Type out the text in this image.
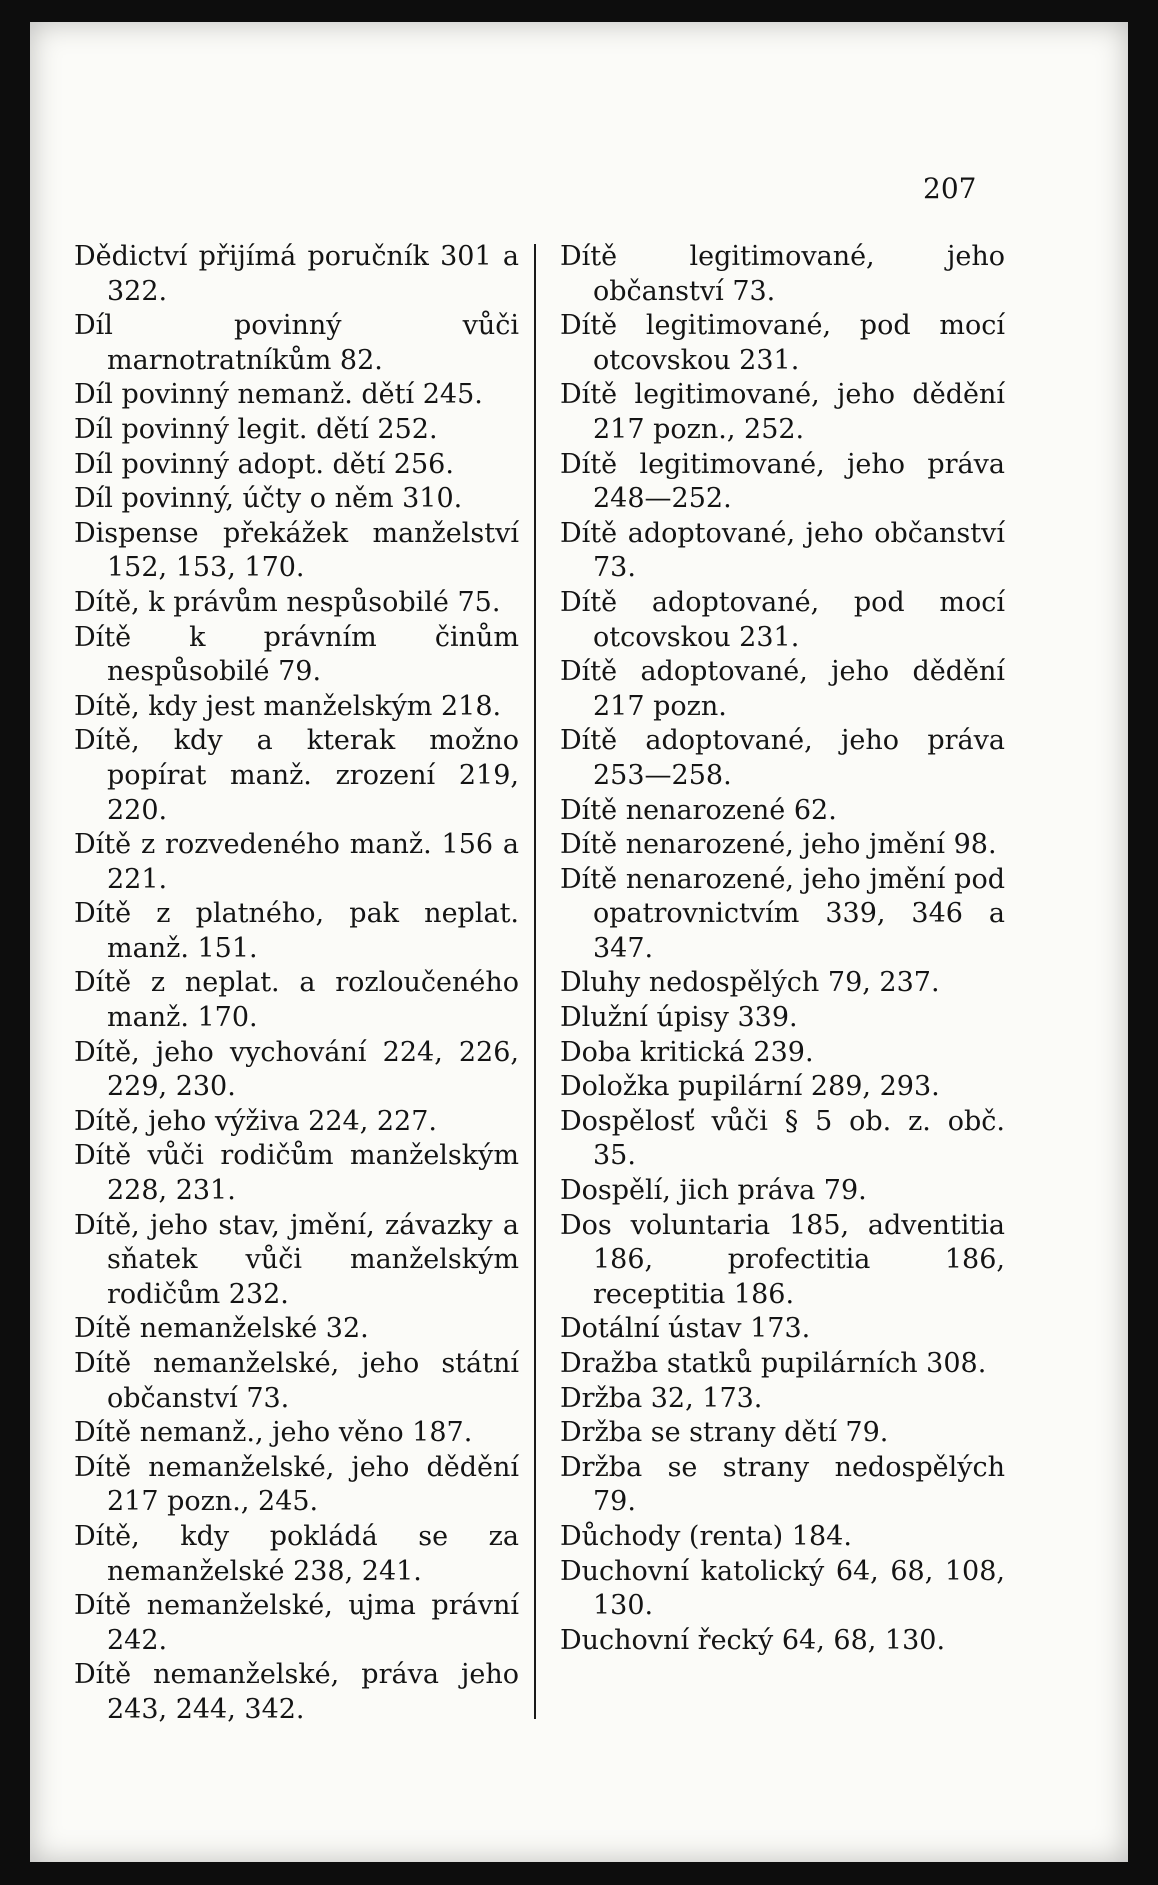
207

Dědictví přijímá poručník 301 a 322.

Díl povinný vůči marnotratníkům 82.

Díl povinný nemanž. dětí 245.

Díl povinný legit. dětí 252.

Díl povinný adopt. dětí 256.

Díl povinný, účty o něm 310.

Dispense překážek manželství 152, 153, 170.

Dítě, k právům nespůsobilé 75.

Dítě k právním činům nespůsobilé 79.

Dítě, kdy jest manželským 218.

Dítě, kdy a kterak možno popírat manž. zrození 219, 220.

Dítě z rozvedeného manž. 156 a 221.

Dítě z platného, pak neplat. manž. 151.

Dítě z neplat. a rozloučeného manž. 170.

Dítě, jeho vychování 224, 226, 229, 230.

Dítě, jeho výživa 224, 227.

Dítě vůči rodičům manželským 228, 231.

Dítě, jeho stav, jmění, závazky a sňatek vůči manželským rodičům 232.

Dítě nemanželské 32.

Dítě nemanželské, jeho státní občanství 73.

Dítě nemanž., jeho věno 187.

Dítě nemanželské, jeho dědění 217 pozn., 245.

Dítě, kdy pokládá se za nemanželské 238, 241.

Dítě nemanželské, ujma právní 242.

Dítě nemanželské, práva jeho 243, 244, 342.

Dítě legitimované, jeho občanství 73.

Dítě legitimované, pod mocí otcovskou 231.

Dítě legitimované, jeho dědění 217 pozn., 252.

Dítě legitimované, jeho práva 248—252.

Dítě adoptované, jeho občanství 73.

Dítě adoptované, pod mocí otcovskou 231.

Dítě adoptované, jeho dědění 217 pozn.

Dítě adoptované, jeho práva 253—258.

Dítě nenarozené 62.

Dítě nenarozené, jeho jmění 98.

Dítě nenarozené, jeho jmění pod opatrovnictvím 339, 346 a 347.

Dluhy nedospělých 79, 237.

Dlužní úpisy 339.

Doba kritická 239.

Doložka pupilární 289, 293.

Dospělosť vůči § 5 ob. z. obč. 35.

Dospělí, jich práva 79.

Dos voluntaria 185, adventitia 186, profectitia 186, receptitia 186.

Dotální ústav 173.

Dražba statků pupilárních 308.

Držba 32, 173.

Držba se strany dětí 79.

Držba se strany nedospělých 79.

Důchody (renta) 184.

Duchovní katolický 64, 68, 108, 130.

Duchovní řecký 64, 68, 130.
